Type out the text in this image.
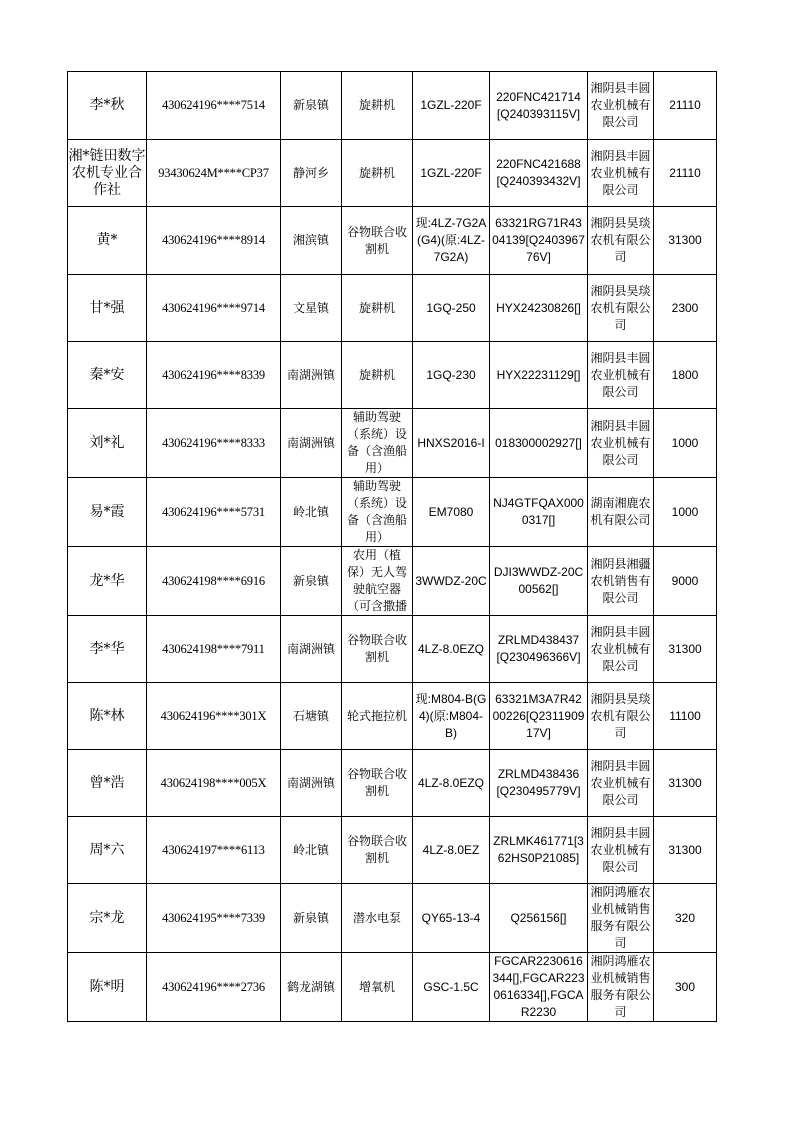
李*秋	430624196****7514	新泉镇	旋耕机	1GZL-220F	220FNC421714[Q240393115V]	湘阴县丰圆农业机械有限公司	21110
湘*链田数字农机专业合作社	93430624M****CP37	静河乡	旋耕机	1GZL-220F	220FNC421688[Q240393432V]	湘阴县丰圆农业机械有限公司	21110
黄*	430624196****8914	湘滨镇	谷物联合收割机	现:4LZ-7G2A(G4)(原:4LZ-7G2A)	63321RG71R4304139[Q240396776V]	湘阴县昊琰农机有限公司	31300
甘*强	430624196****9714	文星镇	旋耕机	1GQ-250	HYX24230826[]	湘阴县昊琰农机有限公司	2300
秦*安	430624196****8339	南湖洲镇	旋耕机	1GQ-230	HYX22231129[]	湘阴县丰圆农业机械有限公司	1800
刘*礼	430624196****8333	南湖洲镇	辅助驾驶（系统）设备（含渔船用）	HNXS2016-I	018300002927[]	湘阴县丰圆农业机械有限公司	1000
易*霞	430624196****5731	岭北镇	辅助驾驶（系统）设备（含渔船用）	EM7080	NJ4GTFQAX0000317[]	湖南湘鹿农机有限公司	1000
龙*华	430624198****6916	新泉镇	农用（植保）无人驾驶航空器（可含撒播	3WWDZ-20C	DJI3WWDZ-20C00562[]	湘阴县湘疆农机销售有限公司	9000
李*华	430624198****7911	南湖洲镇	谷物联合收割机	4LZ-8.0EZQ	ZRLMD438437[Q230496366V]	湘阴县丰圆农业机械有限公司	31300
陈*林	430624196****301X	石塘镇	轮式拖拉机	现:M804-B(G4)(原:M804-B)	63321M3A7R4200226[Q231190917V]	湘阴县昊琰农机有限公司	11100
曾*浩	430624198****005X	南湖洲镇	谷物联合收割机	4LZ-8.0EZQ	ZRLMD438436[Q230495779V]	湘阴县丰圆农业机械有限公司	31300
周*六	430624197****6113	岭北镇	谷物联合收割机	4LZ-8.0EZ	ZRLMK461771[362HS0P21085]	湘阴县丰圆农业机械有限公司	31300
宗*龙	430624195****7339	新泉镇	潜水电泵	QY65-13-4	Q256156[]	湘阴鸿雁农业机械销售服务有限公司	320
陈*明	430624196****2736	鹤龙湖镇	增氧机	GSC-1.5C	FGCAR2230616344[],FGCAR2230616334[],FGCAR2230	湘阴鸿雁农业机械销售服务有限公司	300
